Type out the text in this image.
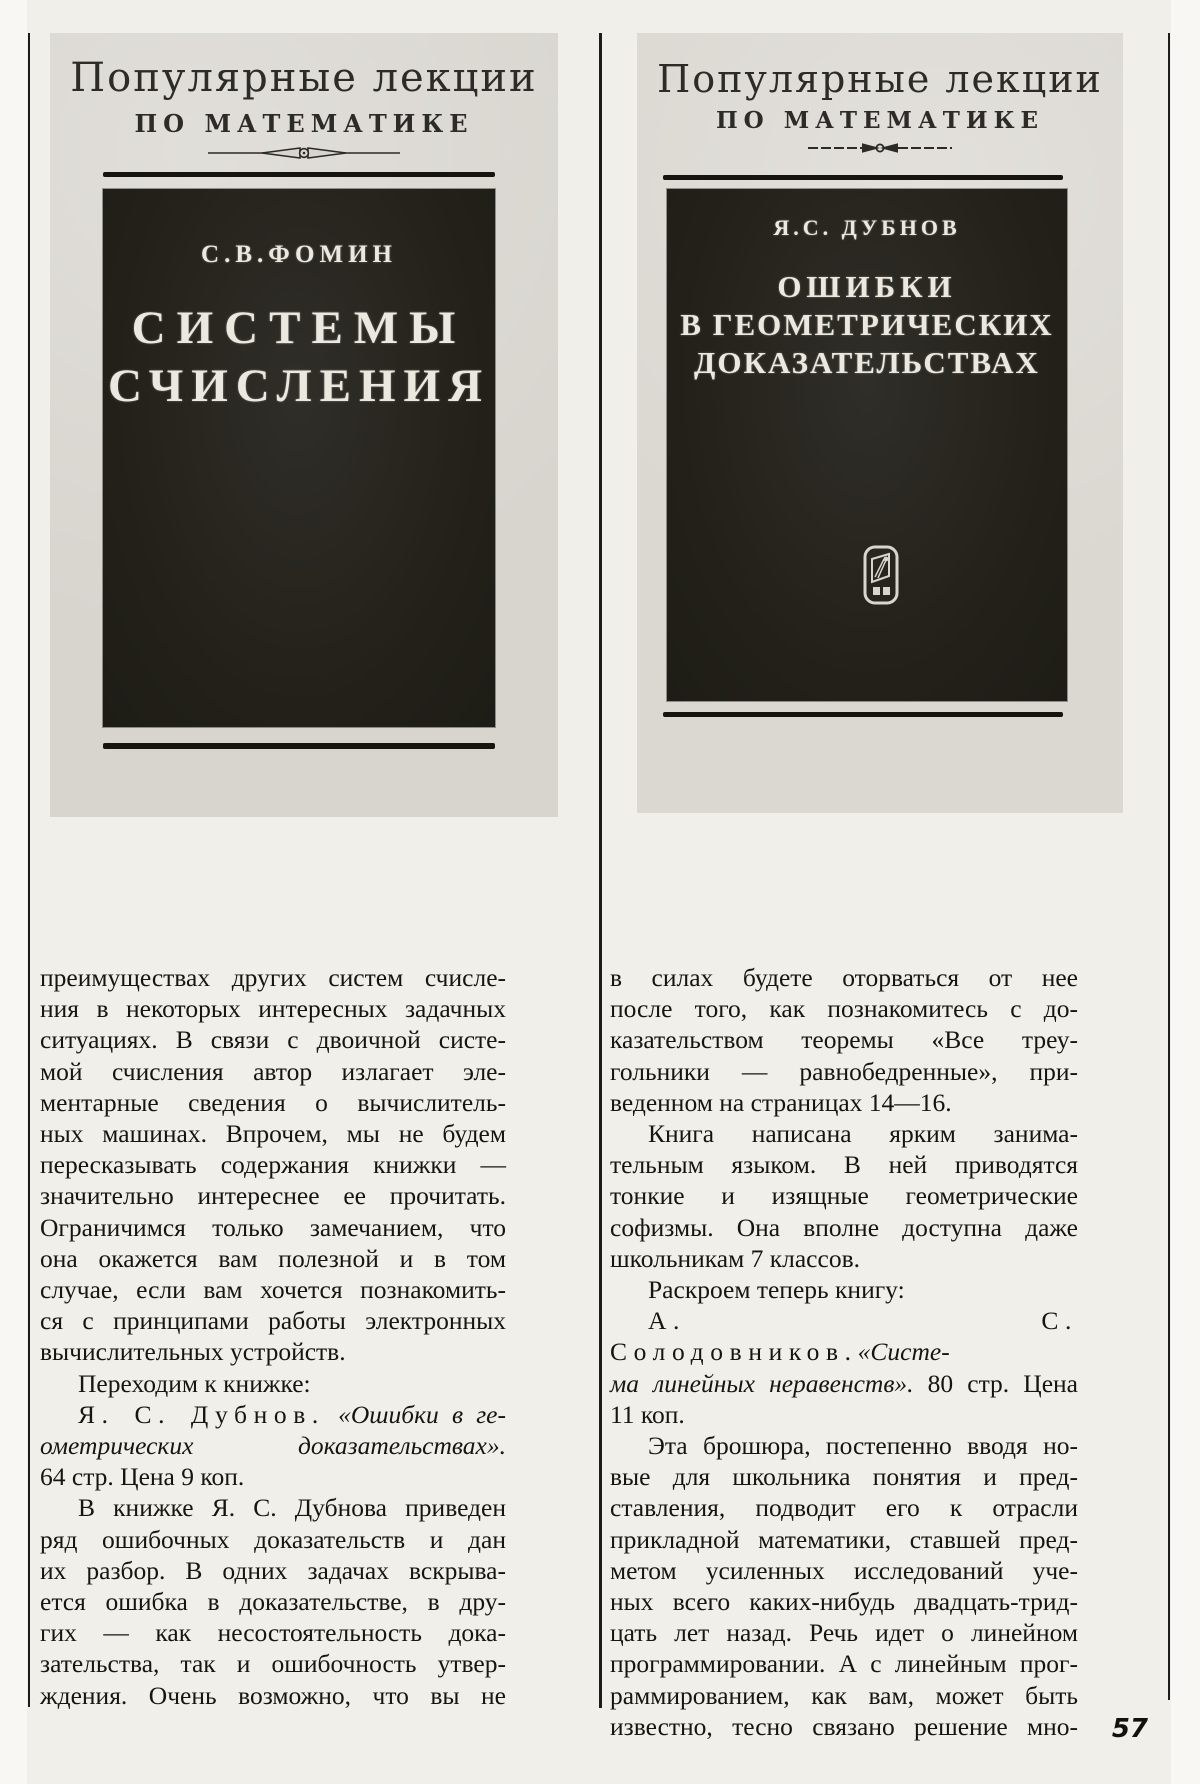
Популярные лекции
ПО МАТЕМАТИКЕ
С.В.ФОМИН
СИСТЕМЫ
СЧИСЛЕНИЯ
Популярные лекции
ПО МАТЕМАТИКЕ
Я.С. ДУБНОВ
ОШИБКИ
В ГЕОМЕТРИЧЕСКИХ
ДОКАЗАТЕЛЬСТВАХ
преимуществах других систем счисле-
ния в некоторых интересных задачных
ситуациях. В связи с двоичной систе-
мой счисления автор излагает эле-
ментарные сведения о вычислитель-
ных машинах. Впрочем, мы не будем
пересказывать содержания книжки —
значительно интереснее ее прочитать.
Ограничимся только замечанием, что
она окажется вам полезной и в том
случае, если вам хочется познакомить-
ся с принципами работы электронных
вычислительных устройств.
Переходим к книжке:
Я. С. Дубнов. «Ошибки в ге-
ометрических доказательствах».
64 стр. Цена 9 коп.
В книжке Я. С. Дубнова приведен
ряд ошибочных доказательств и дан
их разбор. В одних задачах вскрыва-
ется ошибка в доказательстве, в дру-
гих — как несостоятельность дока-
зательства, так и ошибочность утвер-
ждения. Очень возможно, что вы не
в силах будете оторваться от нее
после того, как познакомитесь с до-
казательством теоремы «Все треу-
гольники — равнобедренные», при-
веденном на страницах 14—16.
Книга написана ярким занима-
тельным языком. В ней приводятся
тонкие и изящные геометрические
софизмы. Она вполне доступна даже
школьникам 7 классов.
Раскроем теперь книгу:
А. С. Солодовников.«Систе-
ма линейных неравенств». 80 стр. Цена
11 коп.
Эта брошюра, постепенно вводя но-
вые для школьника понятия и пред-
ставления, подводит его к отрасли
прикладной математики, ставшей пред-
метом усиленных исследований уче-
ных всего каких-нибудь двадцать-трид-
цать лет назад. Речь идет о линейном
программировании. А с линейным прог-
раммированием, как вам, может быть
известно, тесно связано решение мно-	57
